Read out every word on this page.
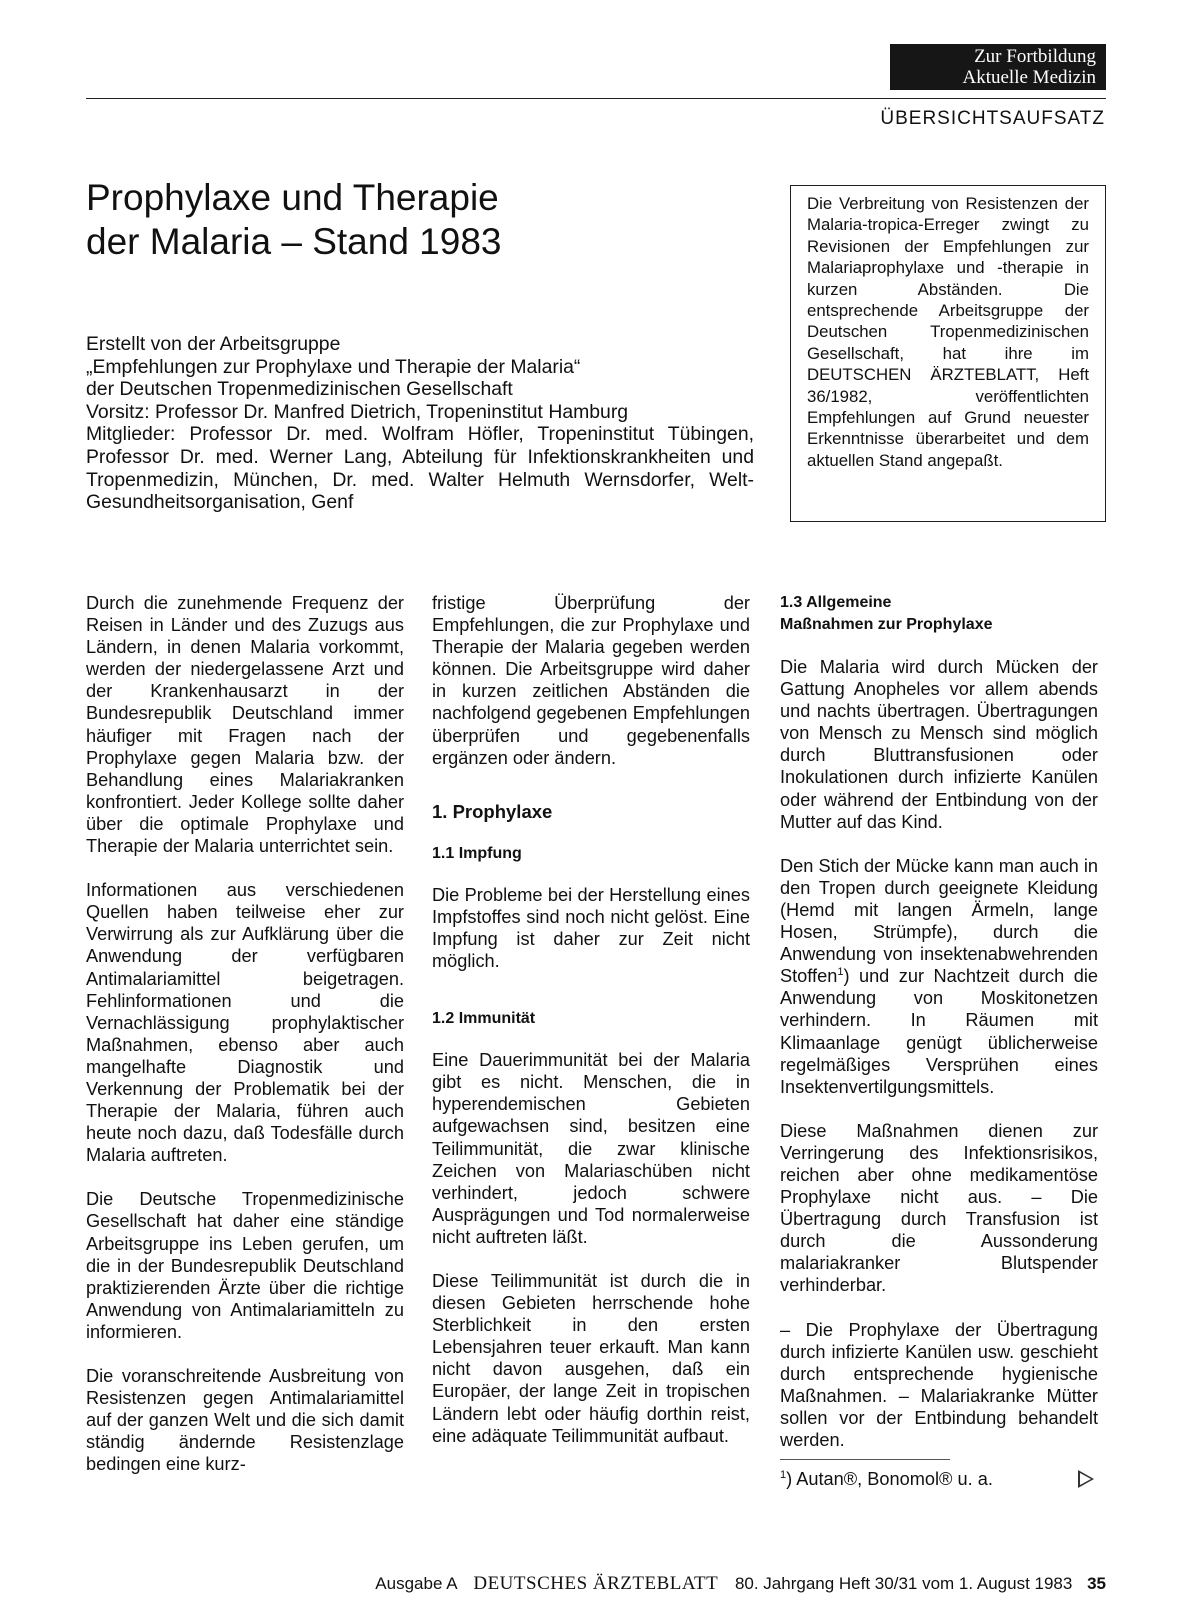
Zur Fortbildung
Aktuelle Medizin
ÜBERSICHTSAUFSATZ
Prophylaxe und Therapie
der Malaria – Stand 1983

Erstellt von der Arbeitsgruppe

„Empfehlungen zur Prophylaxe und Therapie der Malaria“

der Deutschen Tropenmedizinischen Gesellschaft

Vorsitz: Professor Dr. Manfred Dietrich, Tropeninstitut Hamburg

Mitglieder: Professor Dr. med. Wolfram Höfler, Tropeninstitut Tübingen, Professor Dr. med. Werner Lang, Abteilung für Infektionskrankheiten und Tropenmedizin, München, Dr. med. Walter Helmuth Wernsdorfer, Welt-Gesundheitsorganisation, Genf

Die Verbreitung von Resistenzen der Malaria-tropica-Erreger zwingt zu Revisionen der Empfehlungen zur Malariaprophylaxe und -therapie in kurzen Abständen. Die entsprechende Arbeitsgruppe der Deutschen Tropenmedizinischen Gesellschaft, hat ihre im DEUTSCHEN ÄRZTEBLATT, Heft 36/1982, veröffentlichten Empfehlungen auf Grund neuester Erkenntnisse überarbeitet und dem aktuellen Stand angepaßt.

Durch die zunehmende Frequenz der Reisen in Länder und des Zuzugs aus Ländern, in denen Malaria vorkommt, werden der niedergelassene Arzt und der Krankenhausarzt in der Bundesrepublik Deutschland immer häufiger mit Fragen nach der Prophylaxe gegen Malaria bzw. der Behandlung eines Malariakranken konfrontiert. Jeder Kollege sollte daher über die optimale Prophylaxe und Therapie der Malaria unterrichtet sein.

Informationen aus verschiedenen Quellen haben teilweise eher zur Verwirrung als zur Aufklärung über die Anwendung der verfügbaren Antimalariamittel beigetragen. Fehlinformationen und die Vernachlässigung prophylaktischer Maßnahmen, ebenso aber auch mangelhafte Diagnostik und Verkennung der Problematik bei der Therapie der Malaria, führen auch heute noch dazu, daß Todesfälle durch Malaria auftreten.

Die Deutsche Tropenmedizinische Gesellschaft hat daher eine ständige Arbeitsgruppe ins Leben gerufen, um die in der Bundesrepublik Deutschland praktizierenden Ärzte über die richtige Anwendung von Antimalariamitteln zu informieren.

Die voranschreitende Ausbreitung von Resistenzen gegen Antimalariamittel auf der ganzen Welt und die sich damit ständig ändernde Resistenzlage bedingen eine kurz-

fristige Überprüfung der Empfehlungen, die zur Prophylaxe und Therapie der Malaria gegeben werden können. Die Arbeitsgruppe wird daher in kurzen zeitlichen Abständen die nachfolgend gegebenen Empfehlungen überprüfen und gegebenenfalls ergänzen oder ändern.

1. Prophylaxe
1.1 Impfung

Die Probleme bei der Herstellung eines Impfstoffes sind noch nicht gelöst. Eine Impfung ist daher zur Zeit nicht möglich.

1.2 Immunität

Eine Dauerimmunität bei der Malaria gibt es nicht. Menschen, die in hyperendemischen Gebieten aufgewachsen sind, besitzen eine Teilimmunität, die zwar klinische Zeichen von Malariaschüben nicht verhindert, jedoch schwere Ausprägungen und Tod normalerweise nicht auftreten läßt.

Diese Teilimmunität ist durch die in diesen Gebieten herrschende hohe Sterblichkeit in den ersten Lebensjahren teuer erkauft. Man kann nicht davon ausgehen, daß ein Europäer, der lange Zeit in tropischen Ländern lebt oder häufig dorthin reist, eine adäquate Teilimmunität aufbaut.

1.3 Allgemeine
Maßnahmen zur Prophylaxe

Die Malaria wird durch Mücken der Gattung Anopheles vor allem abends und nachts übertragen. Übertragungen von Mensch zu Mensch sind möglich durch Bluttransfusionen oder Inokulationen durch infizierte Kanülen oder während der Entbindung von der Mutter auf das Kind.

Den Stich der Mücke kann man auch in den Tropen durch geeignete Kleidung (Hemd mit langen Ärmeln, lange Hosen, Strümpfe), durch die Anwendung von insektenabwehrenden Stoffen$^1$) und zur Nachtzeit durch die Anwendung von Moskitonetzen verhindern. In Räumen mit Klimaanlage genügt üblicherweise regelmäßiges Versprühen eines Insektenvertilgungsmittels.

Diese Maßnahmen dienen zur Verringerung des Infektionsrisikos, reichen aber ohne medikamentöse Prophylaxe nicht aus. – Die Übertragung durch Transfusion ist durch die Aussonderung malariakranker Blutspender verhinderbar.

– Die Prophylaxe der Übertragung durch infizierte Kanülen usw. geschieht durch entsprechende hygienische Maßnahmen. – Malariakranke Mütter sollen vor der Entbindung behandelt werden.

$^1$) Autan®, Bonomol® u. a.
Ausgabe A DEUTSCHES ÄRZTEBLATT 80. Jahrgang Heft 30/31 vom 1. August 1983 35
